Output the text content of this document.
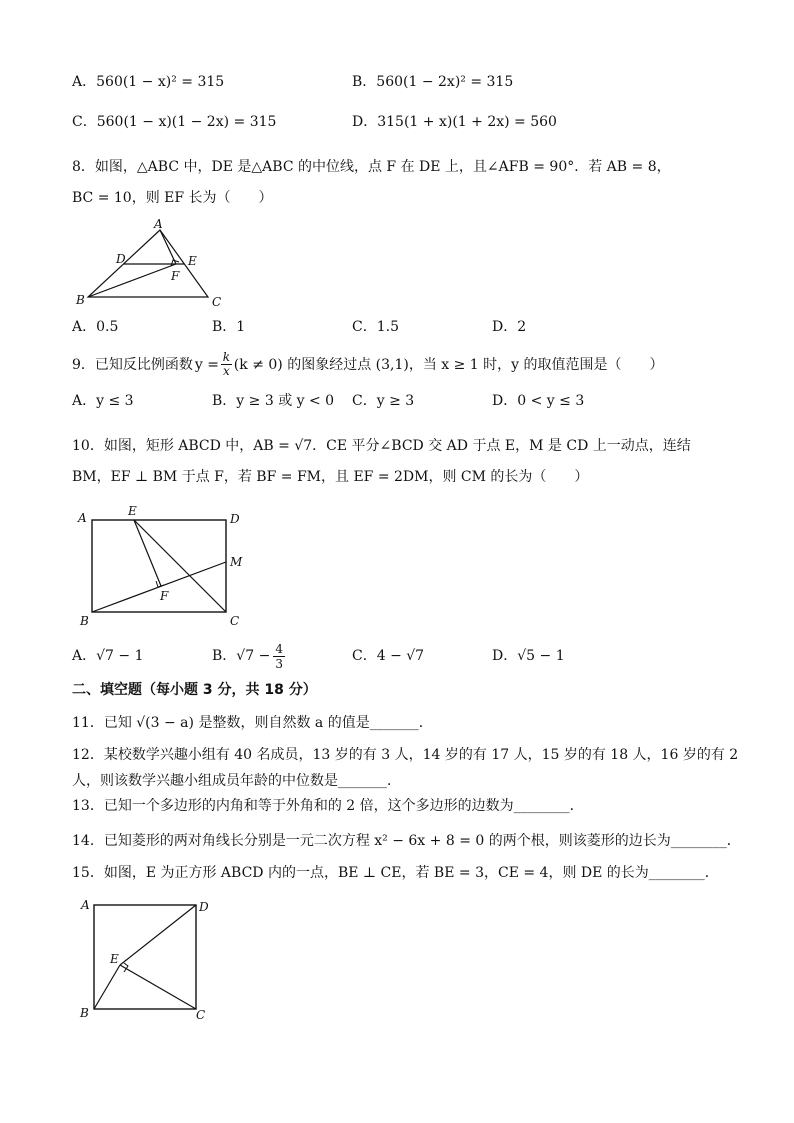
A．560(1 − x)² = 315	B．560(1 − 2x)² = 315
C．560(1 − x)(1 − 2x) = 315	D．315(1 + x)(1 + 2x) = 560
8．如图，△ABC 中，DE 是△ABC 的中位线，点 F 在 DE 上，且∠AFB = 90°．若 AB = 8，
BC = 10，则 EF 长为（　　）
A
B	C
D	E
F
A．0.5	B．1	C．1.5	D．2
9．已知反比例函数 $y = \frac{k}{x} (k \ne 0)$ 的图象经过点 (3,1)，当 x ≥ 1 时，y 的取值范围是（　　）
A．y ≤ 3	B．y ≥ 3 或 y < 0 C．y ≥ 3	D．0 < y ≤ 3
10．如图，矩形 ABCD 中，AB = √7．CE 平分∠BCD 交 AD 于点 E，M 是 CD 上一动点，连结
BM，EF ⊥ BM 于点 F，若 BF = FM，且 EF = 2DM，则 CM 的长为（　　）
A	E
D
M
F
B	C
A．√7 − 1	B． $√7 - \frac{4}{3}$	C．4 − √7	D．√5 − 1
二、填空题（每小题 3 分，共 18 分）
11．已知 √(3 − a) 是整数，则自然数 a 的值是_______．
12．某校数学兴趣小组有 40 名成员，13 岁的有 3 人，14 岁的有 17 人，15 岁的有 18 人，16 岁的有 2
人，则该数学兴趣小组成员年龄的中位数是_______．
13．已知一个多边形的内角和等于外角和的 2 倍，这个多边形的边数为________．
14．已知菱形的两对角线长分别是一元二次方程 x² − 6x + 8 = 0 的两个根，则该菱形的边长为________．
15．如图，E 为正方形 ABCD 内的一点，BE ⊥ CE，若 BE = 3，CE = 4，则 DE 的长为________．
A	D
E
B	C
